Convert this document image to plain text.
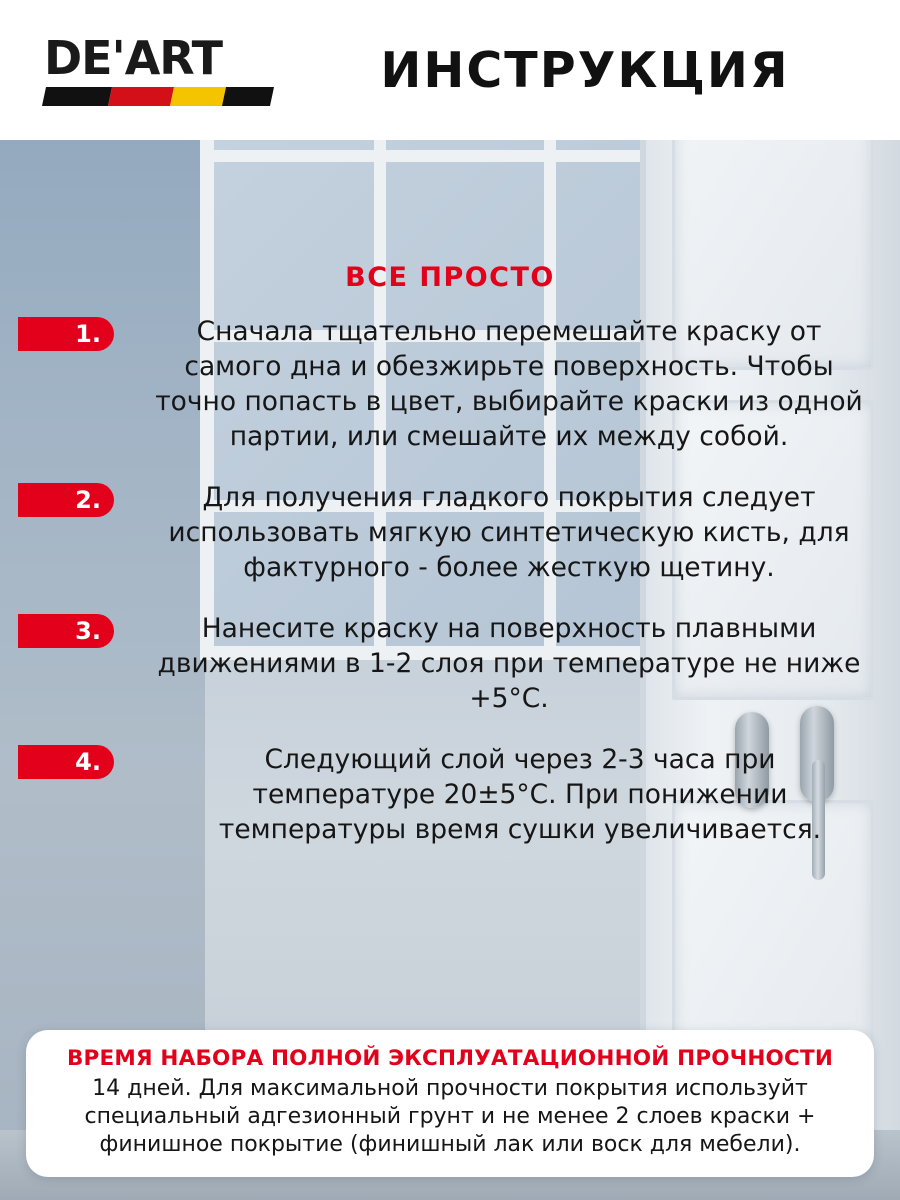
DE'ART	ИНСТРУКЦИЯ
ВСЕ ПРОСТО
1.	Сначала тщательно перемешайте краску от самого дна и обезжирьте поверхность. Чтобы точно попасть в цвет, выбирайте краски из одной партии, или смешайте их между собой.
2.	Для получения гладкого покрытия следует использовать мягкую синтетическую кисть, для фактурного - более жесткую щетину.
3.	Нанесите краску на поверхность плавными движениями в 1-2 слоя при температуре не ниже +5°C.
4.	Следующий слой через 2-3 часа при температуре 20±5°C. При понижении температуры время сушки увеличивается.
ВРЕМЯ НАБОРА ПОЛНОЙ ЭКСПЛУАТАЦИОННОЙ ПРОЧНОСТИ
14 дней. Для максимальной прочности покрытия используйт специальный адгезионный грунт и не менее 2 слоев краски + финишное покрытие (финишный лак или воск для мебели).
